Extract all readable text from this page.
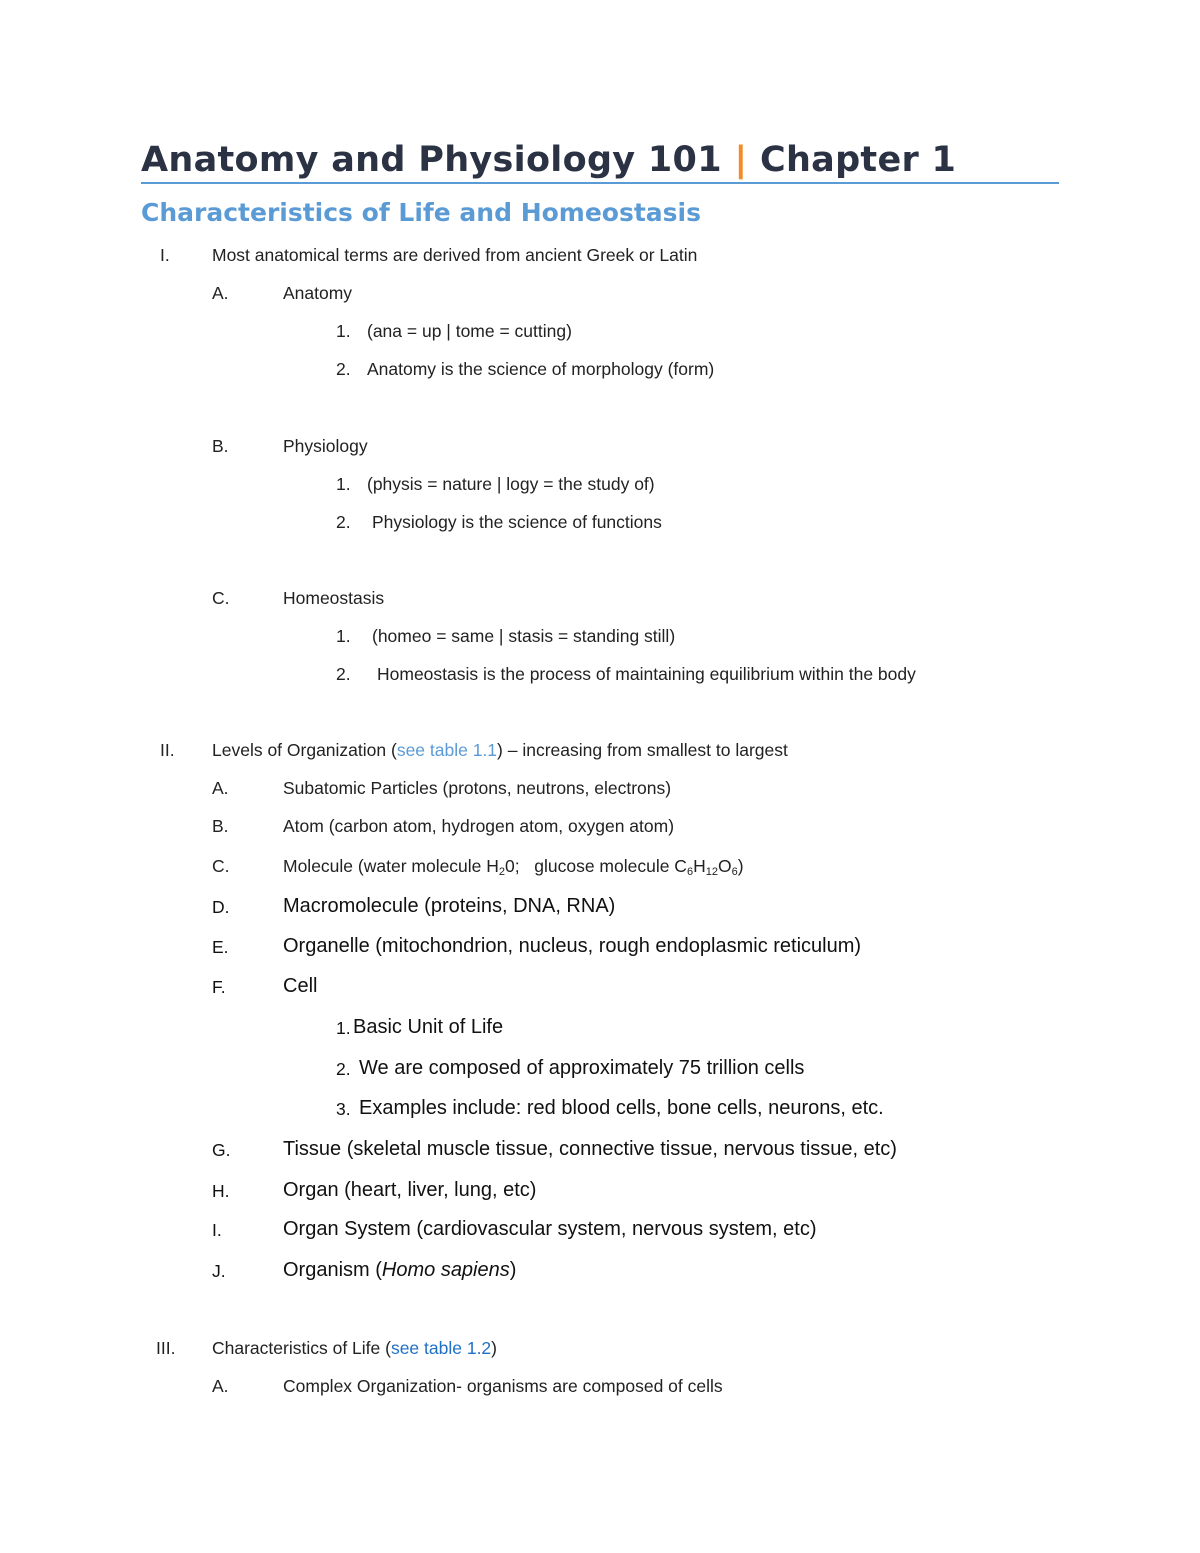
Anatomy and Physiology 101 | Chapter 1
Characteristics of Life and Homeostasis
I. Most anatomical terms are derived from ancient Greek or Latin
A.	Anatomy
1. (ana = up | tome = cutting)
2. Anatomy is the science of morphology (form)
B.	Physiology
1. (physis = nature | logy = the study of)
2. Physiology is the science of functions
C.	Homeostasis
1. (homeo = same | stasis = standing still)
2. Homeostasis is the process of maintaining equilibrium within the body
II. Levels of Organization (see table 1.1) – increasing from smallest to largest
A.	Subatomic Particles (protons, neutrons, electrons)
B.	Atom (carbon atom, hydrogen atom, oxygen atom)
C.	Molecule (water molecule $H_20$;   glucose molecule $C_6H_{12}O_6$)
D.	Macromolecule (proteins, DNA, RNA)
E.	Organelle (mitochondrion, nucleus, rough endoplasmic reticulum)
F.	Cell
1. Basic Unit of Life
2. We are composed of approximately 75 trillion cells
3. Examples include: red blood cells, bone cells, neurons, etc.
G.	Tissue (skeletal muscle tissue, connective tissue, nervous tissue, etc)
H.	Organ (heart, liver, lung, etc)
I.	Organ System (cardiovascular system, nervous system, etc)
J.	Organism (Homo sapiens)
III. Characteristics of Life (see table 1.2)
A.	Complex Organization- organisms are composed of cells
